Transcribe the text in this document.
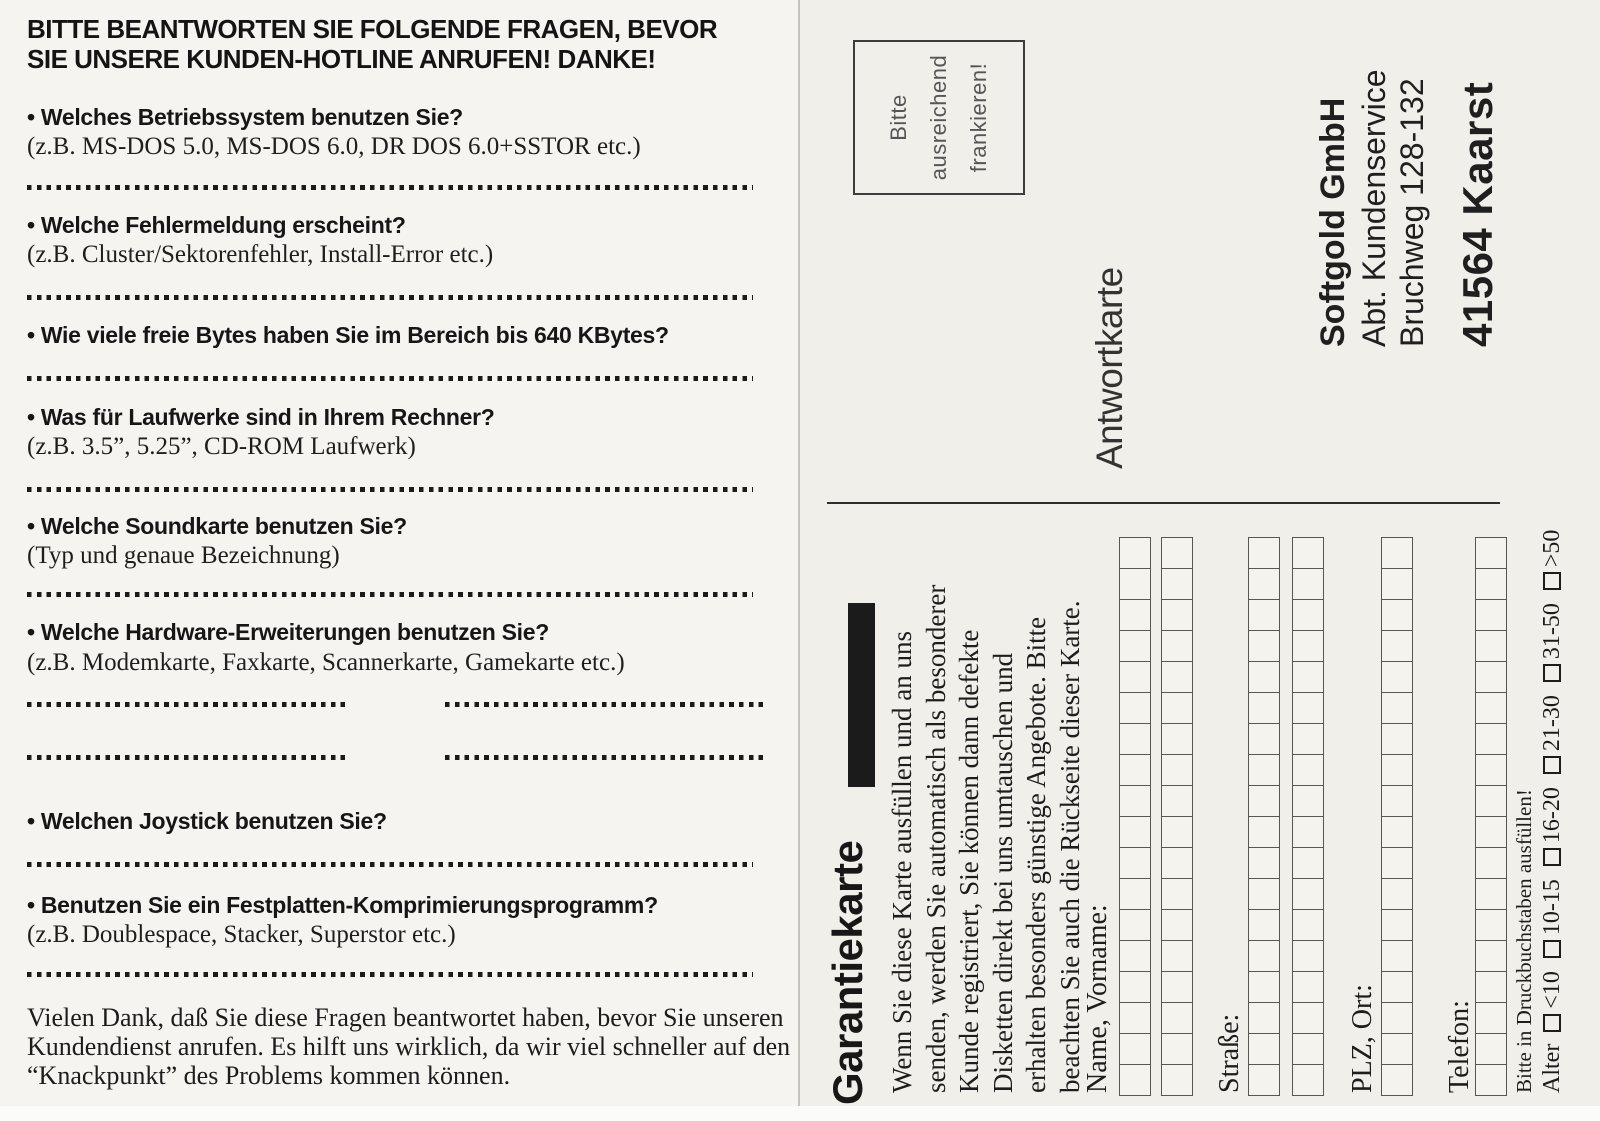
BITTE BEANTWORTEN SIE FOLGENDE FRAGEN, BEVOR
SIE UNSERE KUNDEN-HOTLINE ANRUFEN! DANKE!
• Welches Betriebssystem benutzen Sie?
(z.B. MS-DOS 5.0, MS-DOS 6.0, DR DOS 6.0+SSTOR etc.)
• Welche Fehlermeldung erscheint?
(z.B. Cluster/Sektorenfehler, Install-Error etc.)
• Wie viele freie Bytes haben Sie im Bereich bis 640 KBytes?
• Was für Laufwerke sind in Ihrem Rechner?
(z.B. 3.5”, 5.25”, CD-ROM Laufwerk)
• Welche Soundkarte benutzen Sie?
(Typ und genaue Bezeichnung)
• Welche Hardware-Erweiterungen benutzen Sie?
(z.B. Modemkarte, Faxkarte, Scannerkarte, Gamekarte etc.)
• Welchen Joystick benutzen Sie?
• Benutzen Sie ein Festplatten-Komprimierungsprogramm?
(z.B. Doublespace, Stacker, Superstor etc.)
Vielen Dank, daß Sie diese Fragen beantwortet haben, bevor Sie unseren
Kundendienst anrufen. Es hilft uns wirklich, da wir viel schneller auf den
“Knackpunkt” des Problems kommen können.	Garantiekarte Wenn Sie diese Karte ausfüllen und an uns senden, werden Sie automatisch als besonderer Kunde registriert, Sie können dann defekte Disketten direkt bei uns umtauschen und erhalten besonders günstige Angebote. Bitte beachten Sie auch die Rückseite dieser Karte.
Name, Vorname:	Straße:	PLZ, Ort: Telefon: Bitte in Druckbuchstaben ausfüllen! Alter
<10
10-15
16-20
21-30
31-50
>50
Bitte ausreichend frankieren!
Antwortkarte
Softgold GmbH Abt. Kundenservice Bruchweg 128-132 41564 Kaarst
